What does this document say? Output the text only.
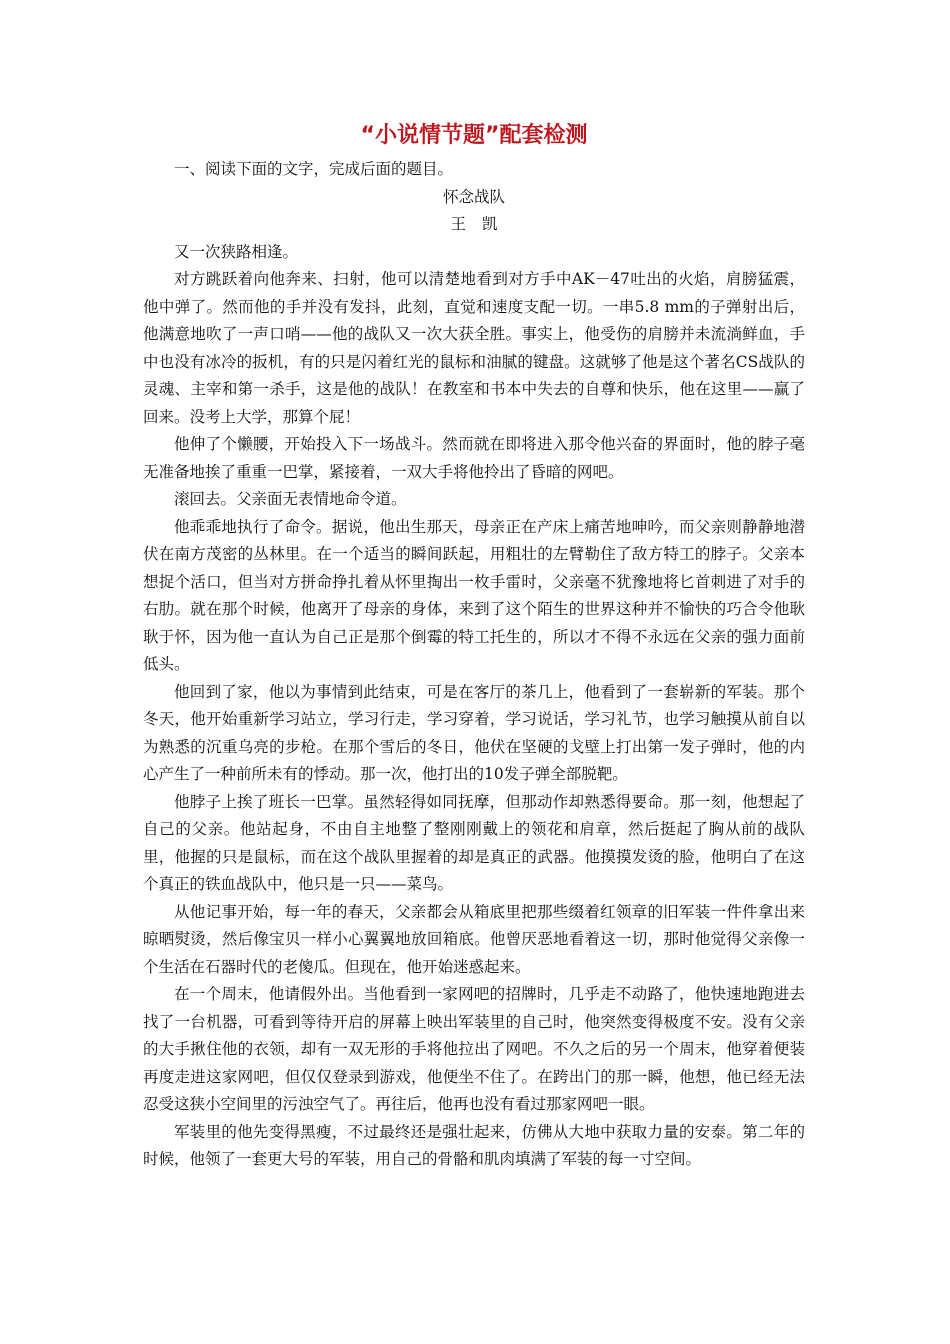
“小说情节题”配套检测

一、阅读下面的文字，完成后面的题目。

怀念战队

王凯

又一次狭路相逢。

对方跳跃着向他奔来、扫射，他可以清楚地看到对方手中AK－47吐出的火焰，肩膀猛震，他中弹了。然而他的手并没有发抖，此刻，直觉和速度支配一切。一串5.8 mm的子弹射出后，他满意地吹了一声口哨——他的战队又一次大获全胜。事实上，他受伤的肩膀并未流淌鲜血，手中也没有冰冷的扳机，有的只是闪着红光的鼠标和油腻的键盘。这就够了他是这个著名CS战队的灵魂、主宰和第一杀手，这是他的战队！在教室和书本中失去的自尊和快乐，他在这里——赢了回来。没考上大学，那算个屁！

他伸了个懒腰，开始投入下一场战斗。然而就在即将进入那令他兴奋的界面时，他的脖子毫无准备地挨了重重一巴掌，紧接着，一双大手将他拎出了昏暗的网吧。

滚回去。父亲面无表情地命令道。

他乖乖地执行了命令。据说，他出生那天，母亲正在产床上痛苦地呻吟，而父亲则静静地潜伏在南方茂密的丛林里。在一个适当的瞬间跃起，用粗壮的左臂勒住了敌方特工的脖子。父亲本想捉个活口，但当对方拼命挣扎着从怀里掏出一枚手雷时，父亲毫不犹豫地将匕首刺进了对手的右肋。就在那个时候，他离开了母亲的身体，来到了这个陌生的世界这种并不愉快的巧合令他耿耿于怀，因为他一直认为自己正是那个倒霉的特工托生的，所以才不得不永远在父亲的强力面前低头。

他回到了家，他以为事情到此结束，可是在客厅的茶几上，他看到了一套崭新的军装。那个冬天，他开始重新学习站立，学习行走，学习穿着，学习说话，学习礼节，也学习触摸从前自以为熟悉的沉重乌亮的步枪。在那个雪后的冬日，他伏在坚硬的戈壁上打出第一发子弹时，他的内心产生了一种前所未有的悸动。那一次，他打出的10发子弹全部脱靶。

他脖子上挨了班长一巴掌。虽然轻得如同抚摩，但那动作却熟悉得要命。那一刻，他想起了自己的父亲。他站起身，不由自主地整了整刚刚戴上的领花和肩章，然后挺起了胸从前的战队里，他握的只是鼠标，而在这个战队里握着的却是真正的武器。他摸摸发烫的脸，他明白了在这个真正的铁血战队中，他只是一只——菜鸟。

从他记事开始，每一年的春天，父亲都会从箱底里把那些缀着红领章的旧军装一件件拿出来晾晒熨烫，然后像宝贝一样小心翼翼地放回箱底。他曾厌恶地看着这一切，那时他觉得父亲像一个生活在石器时代的老傻瓜。但现在，他开始迷惑起来。

在一个周末，他请假外出。当他看到一家网吧的招牌时，几乎走不动路了，他快速地跑进去找了一台机器，可看到等待开启的屏幕上映出军装里的自己时，他突然变得极度不安。没有父亲的大手揪住他的衣领，却有一双无形的手将他拉出了网吧。不久之后的另一个周末，他穿着便装再度走进这家网吧，但仅仅登录到游戏，他便坐不住了。在跨出门的那一瞬，他想，他已经无法忍受这狭小空间里的污浊空气了。再往后，他再也没有看过那家网吧一眼。

军装里的他先变得黑瘦，不过最终还是强壮起来，仿佛从大地中获取力量的安泰。第二年的时候，他领了一套更大号的军装，用自己的骨骼和肌肉填满了军装的每一寸空间。
